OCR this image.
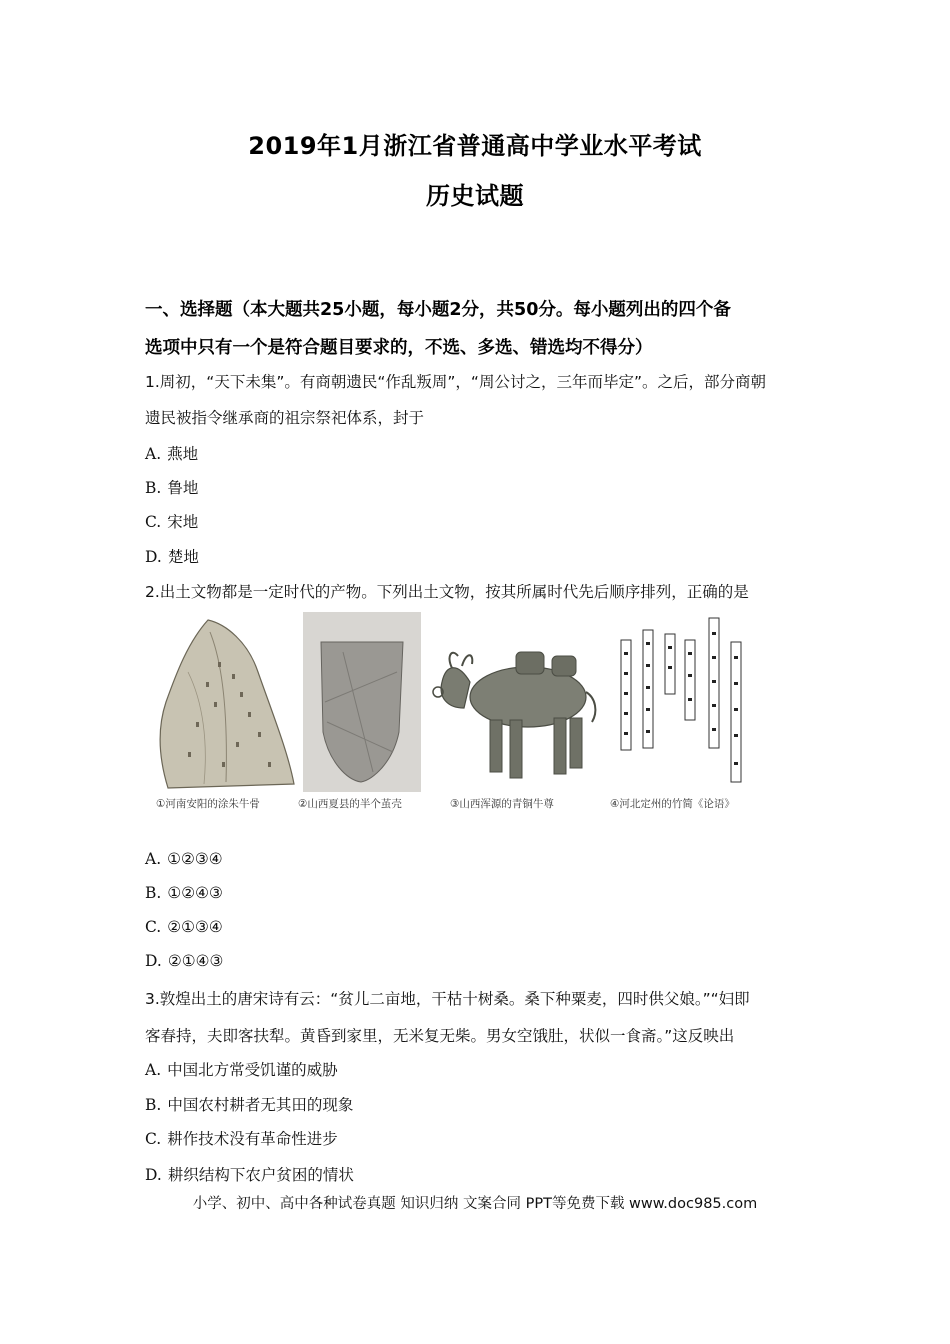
2019年1月浙江省普通高中学业水平考试
历史试题
一、选择题（本大题共25小题，每小题2分，共50分。每小题列出的四个备
选项中只有一个是符合题目要求的，不选、多选、错选均不得分）
1.周初，“天下未集”。有商朝遗民“作乱叛周”，“周公讨之，三年而毕定”。之后，部分商朝
遗民被指令继承商的祖宗祭祀体系，封于
A. 燕地
B. 鲁地
C. 宋地
D. 楚地
2.出土文物都是一定时代的产物。下列出土文物，按其所属时代先后顺序排列，正确的是
①河南安阳的涂朱牛骨	②山西夏县的半个茧壳	③山西浑源的青铜牛尊	④河北定州的竹简《论语》
A. ①②③④
B. ①②④③
C. ②①③④
D. ②①④③
3.敦煌出土的唐宋诗有云：“贫儿二亩地，干枯十树桑。桑下种粟麦，四时供父娘。”“妇即
客春持，夫即客扶犁。黄昏到家里，无米复无柴。男女空饿肚，状似一食斋。”这反映出
A. 中国北方常受饥谨的威胁
B. 中国农村耕者无其田的现象
C. 耕作技术没有革命性进步
D. 耕织结构下农户贫困的情状
小学、初中、高中各种试卷真题 知识归纳 文案合同 PPT等免费下载 www.doc985.com
